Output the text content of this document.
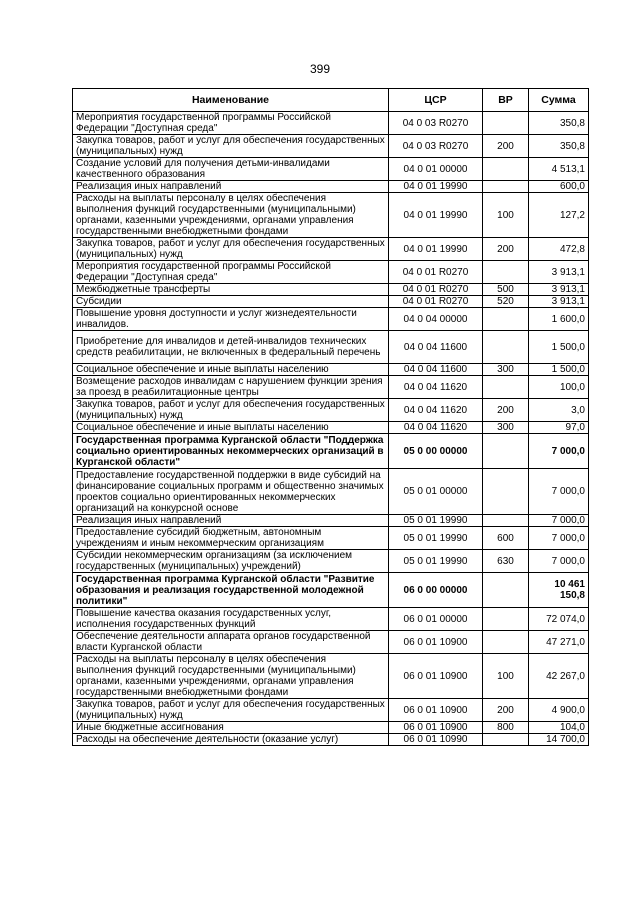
399
Наименование	ЦСР	ВР	Сумма
Мероприятия государственной программы Российской Федерации "Доступная среда"	04 0 03 R0270		350,8
Закупка товаров, работ и услуг для обеспечения государственных (муниципальных) нужд	04 0 03 R0270	200	350,8
Создание условий для получения детьми-инвалидами качественного образования	04 0 01 00000		4 513,1
Реализация иных направлений	04 0 01 19990		600,0
Расходы на выплаты персоналу в целях обеспечения выполнения функций государственными (муниципальными) органами, казенными учреждениями, органами управления государственными внебюджетными фондами	04 0 01 19990	100	127,2
Закупка товаров, работ и услуг для обеспечения государственных (муниципальных) нужд	04 0 01 19990	200	472,8
Мероприятия государственной программы Российской Федерации "Доступная среда"	04 0 01 R0270		3 913,1
Межбюджетные трансферты	04 0 01 R0270	500	3 913,1
Субсидии	04 0 01 R0270	520	3 913,1
Повышение уровня доступности и услуг жизнедеятельности инвалидов.	04 0 04 00000		1 600,0
Приобретение для инвалидов и детей-инвалидов технических средств реабилитации, не включенных в федеральный перечень	04 0 04 11600		1 500,0
Социальное обеспечение и иные выплаты населению	04 0 04 11600	300	1 500,0
Возмещение расходов инвалидам с нарушением функции зрения за проезд в реабилитационные центры	04 0 04 11620		100,0
Закупка товаров, работ и услуг для обеспечения государственных (муниципальных) нужд	04 0 04 11620	200	3,0
Социальное обеспечение и иные выплаты населению	04 0 04 11620	300	97,0
Государственная программа Курганской области "Поддержка социально ориентированных некоммерческих организаций в Курганской области"	05 0 00 00000		7 000,0
Предоставление государственной поддержки в виде субсидий на финансирование социальных программ и общественно значимых проектов социально ориентированных некоммерческих организаций на конкурсной основе	05 0 01 00000		7 000,0
Реализация иных направлений	05 0 01 19990		7 000,0
Предоставление субсидий бюджетным, автономным учреждениям и иным некоммерческим организациям	05 0 01 19990	600	7 000,0
Субсидии некоммерческим организациям (за исключением государственных (муниципальных) учреждений)	05 0 01 19990	630	7 000,0
Государственная программа Курганской области "Развитие образования и реализация государственной молодежной политики"	06 0 00 00000		10 461 150,8
Повышение качества оказания государственных услуг, исполнения государственных функций	06 0 01 00000		72 074,0
Обеспечение деятельности аппарата органов государственной власти Курганской области	06 0 01 10900		47 271,0
Расходы на выплаты персоналу в целях обеспечения выполнения функций государственными (муниципальными) органами, казенными учреждениями, органами управления государственными внебюджетными фондами	06 0 01 10900	100	42 267,0
Закупка товаров, работ и услуг для обеспечения государственных (муниципальных) нужд	06 0 01 10900	200	4 900,0
Иные бюджетные ассигнования	06 0 01 10900	800	104,0
Расходы на обеспечение деятельности (оказание услуг)	06 0 01 10990		14 700,0
